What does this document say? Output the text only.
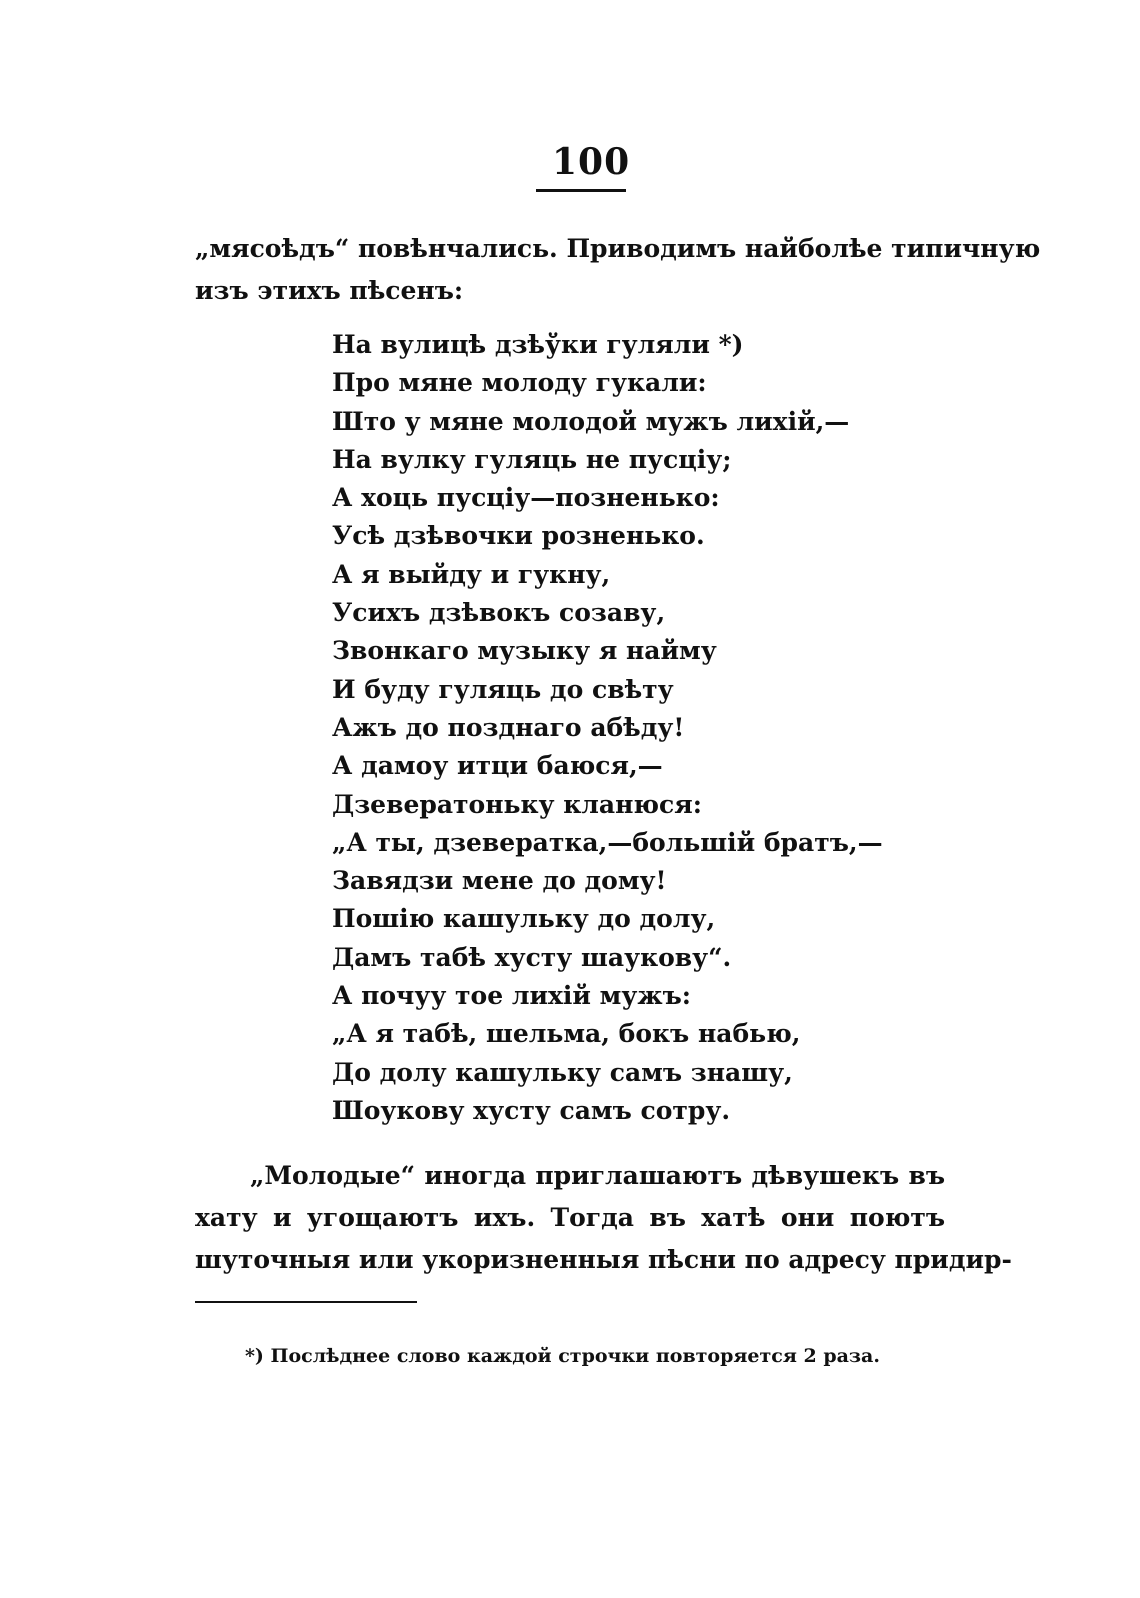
100
„мясоѣдъ“ повѣнчались. Приводимъ найболѣе типичную
изъ этихъ пѣсенъ:
На вулицѣ дзѣўки гуляли *)
Про мяне молоду гукали:
Што у мяне молодой мужъ лихій,—
На вулку гуляць не пусціу;
А хоць пусціу—позненько:
Усѣ дзѣвочки розненько.
А я выйду и гукну,
Усихъ дзѣвокъ созаву,
Звонкаго музыку я найму
И буду гуляць до свѣту
Ажъ до позднаго абѣду!
А дамоу итци баюся,—
Дзевератоньку кланюся:
„А ты, дзевератка,—большій братъ,—
Завядзи мене до дому!
Пошію кашульку до долу,
Дамъ табѣ хусту шаукову“.
А почуу тое лихій мужъ:
„А я табѣ, шельма, бокъ набью,
До долу кашульку самъ знашу,
Шоукову хусту самъ сотру.
„Молодые“ иногда приглашаютъ дѣвушекъ въ
хату и угощаютъ ихъ. Тогда въ хатѣ они поютъ
шуточныя или укоризненныя пѣсни по адресу придир-
*) Послѣднее слово каждой строчки повторяется 2 раза.
